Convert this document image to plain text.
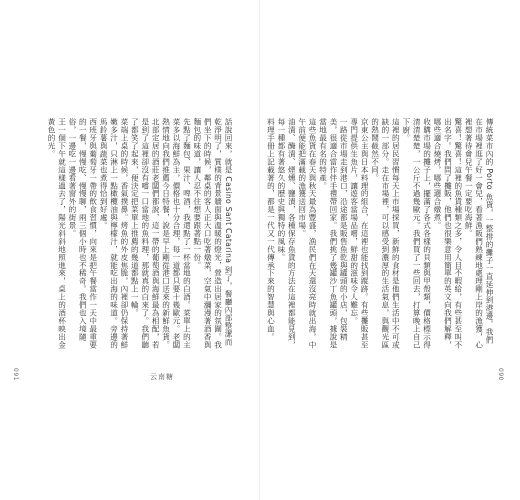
話說回來，就是 Casino Sant Catarina 到了，餐廳內部整潔而乾淨明了，質樸的背景牆面與溫暖的燈光，營造出居家的氛圍。我們坐下的時候，鄰桌的客人正大口吃著燉菜，空氣中瀰漫著酒香與麵包的味道，讓人忍不住想要跟著點一份。
先點了麵包、果汁、啤酒，我還點了一杯當地的白酒。菜單上的主菜多以海鮮為主，價格也十分合理，每一道都只要十幾歐元。老闆熱情地向我們推薦今日特餐，說是早上剛從港口送來的新鮮魚貨。
北部定居的酒莊老闆們都說，這一帶的葡萄酒與海鮮最為相配，若是到了這裡卻沒有嚐一口當地的魚料理，那就真的白來了。我們聽了都笑了起來，便決定把菜單上推薦的幾道都點上一輪。
菜端上桌的時候，香氣撲鼻。烤魚的外皮焦脆，內裡卻仍保持著鮮嫩多汁，只淋上一點橄欖油與檸檬汁，就能吃出海的味道。旁邊的馬鈴薯與蔬菜也煮得恰到好處。
西班牙與葡萄牙一帶的飲食習慣，向來是把午餐當作一天中最重要的一餐，慢慢吃、慢慢聊，兩三個小時也不稀奇。我們也入境隨俗，一邊吃一邊看著窗外的街景。
王一個下午就這樣過去了，陽光斜斜地照進來，桌上的酒杯映出金黃色的光。
091	云南糖
傳統菜市內的 Porto 魚貨，一整排的攤子一直延伸到港邊，我們在市場裡逛了好一會兒，看著漁販們熟練地處理剛上岸的漁獲，心裡想著待會兒午餐一定要吃海鮮。
驚喜！驚喜！這裡的魚貨種類之多，令人目不暇給，有些甚至叫不出名字。我們問了攤販，他們也很樂意用簡單的英文向我們解釋，哪些適合燒烤，哪些適合燉煮。
收購市場的攤子上，擺滿了各式各樣的貝類與甲殼類，價格標示得清清楚楚，一公斤不過幾歐元。我們買了一些回去，打算晚上自己下廚。
這裡的居民習慣每天上市場採買，新鮮的食材是他們生活中不可或缺的一部分。走在市場裡，可以感受到濃厚的生活氣息，與觀光區的熱鬧截然不同。
京東公主與日本料理的組合，在這裡也能找到蹤跡。有些攤販甚至專門提供生魚片，讓遊客當場品嚐，鮮甜的滋味令人難忘。
一路從市場走到港口，沿途都是販售魚乾與罐頭的小店，包裝精美，很適合當作伴手禮帶回家。我們挑了幾罐沙丁魚罐頭，據說是當地最有名的特產。
這些魚貨在春天與秋天最為豐盛，漁民們在天還沒亮時就出海，中午前便能把滿載的漁獲送回市場。
油漬、醃漬、煙燻、鹽漬，各種保存魚貨的方法在這裡都能見到，每一種都有著悠久的歷史與獨特的風味。
料理手冊上記載著的，都是一代又一代傳承下來的智慧與心血。
090
